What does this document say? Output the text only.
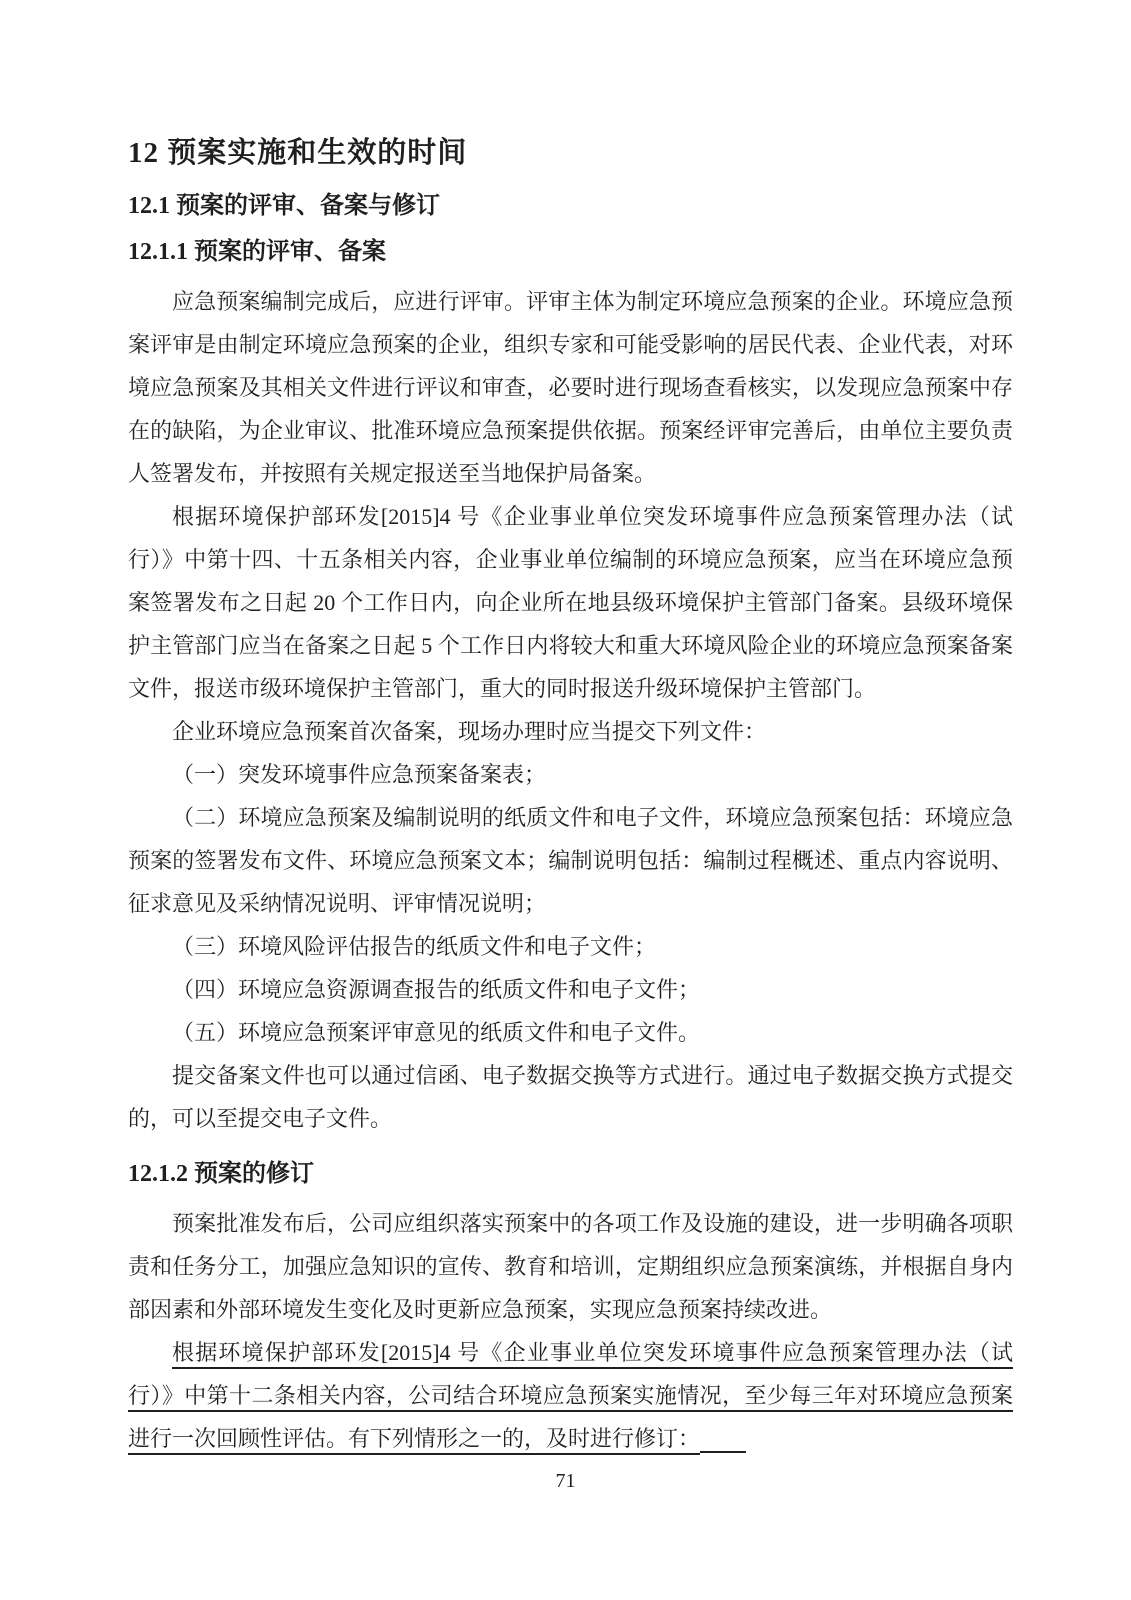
12 预案实施和生效的时间
12.1 预案的评审、备案与修订
12.1.1 预案的评审、备案

应急预案编制完成后，应进行评审。评审主体为制定环境应急预案的企业。环境应急预案评审是由制定环境应急预案的企业，组织专家和可能受影响的居民代表、企业代表，对环境应急预案及其相关文件进行评议和审查，必要时进行现场查看核实，以发现应急预案中存在的缺陷，为企业审议、批准环境应急预案提供依据。预案经评审完善后，由单位主要负责人签署发布，并按照有关规定报送至当地保护局备案。

根据环境保护部环发[2015]4 号《企业事业单位突发环境事件应急预案管理办法（试行）》中第十四、十五条相关内容，企业事业单位编制的环境应急预案，应当在环境应急预案签署发布之日起 20 个工作日内，向企业所在地县级环境保护主管部门备案。县级环境保护主管部门应当在备案之日起 5 个工作日内将较大和重大环境风险企业的环境应急预案备案文件，报送市级环境保护主管部门，重大的同时报送升级环境保护主管部门。

企业环境应急预案首次备案，现场办理时应当提交下列文件：

（一）突发环境事件应急预案备案表；

（二）环境应急预案及编制说明的纸质文件和电子文件，环境应急预案包括：环境应急预案的签署发布文件、环境应急预案文本；编制说明包括：编制过程概述、重点内容说明、征求意见及采纳情况说明、评审情况说明；

（三）环境风险评估报告的纸质文件和电子文件；

（四）环境应急资源调查报告的纸质文件和电子文件；

（五）环境应急预案评审意见的纸质文件和电子文件。

提交备案文件也可以通过信函、电子数据交换等方式进行。通过电子数据交换方式提交的，可以至提交电子文件。

12.1.2 预案的修订

预案批准发布后，公司应组织落实预案中的各项工作及设施的建设，进一步明确各项职责和任务分工，加强应急知识的宣传、教育和培训，定期组织应急预案演练，并根据自身内部因素和外部环境发生变化及时更新应急预案，实现应急预案持续改进。

根据环境保护部环发[2015]4 号《企业事业单位突发环境事件应急预案管理办法（试行）》中第十二条相关内容，公司结合环境应急预案实施情况，至少每三年对环境应急预案进行一次回顾性评估。有下列情形之一的，及时进行修订：

71
